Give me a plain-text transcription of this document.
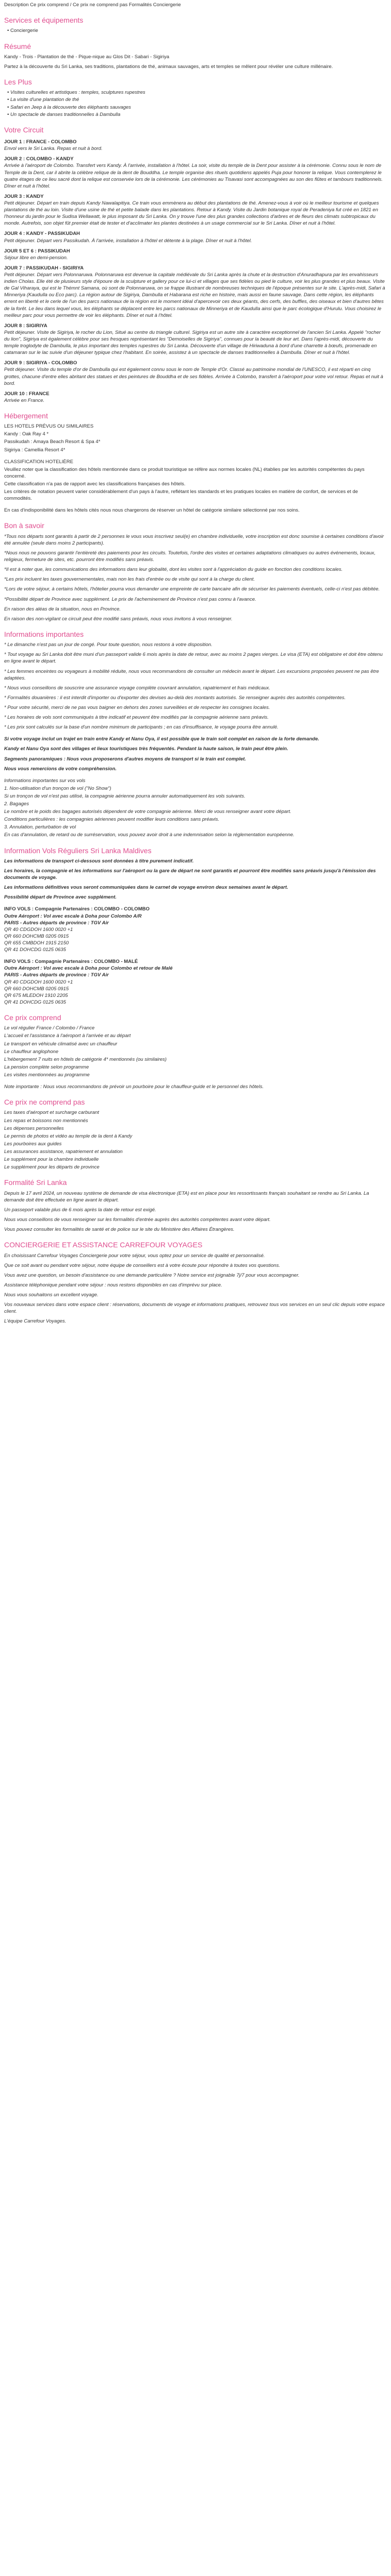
Description Ce prix comprend / Ce prix ne comprend pas Formalités Conciergerie
Services et équipements
• Conciergerie
Résumé
Kandy - Trois - Plantation de thé - Pique-nique au Glos Dit - Sabari - Sigiriya
Partez à la découverte du Sri Lanka, ses traditions, plantations de thé, animaux sauvages, arts et temples se mêlent pour révéler une culture millénaire.
Les Plus
• Visites culturelles et artistiques : temples, sculptures rupestres
• La visite d'une plantation de thé
• Safari en Jeep à la découverte des éléphants sauvages
• Un spectacle de danses traditionnelles à Dambulla
Votre Circuit
JOUR 1 : FRANCE - COLOMBO
Envol vers le Sri Lanka. Repas et nuit à bord.
JOUR 2 : COLOMBO - KANDY
Arrivée à l'aéroport de Colombo. Transfert vers Kandy. À l'arrivée, installation à l'hôtel. La soir, visite du temple de la Dent pour assister à la cérémonie. Connu sous le nom de Temple de la Dent, car il abrite la célèbre relique de la dent de Bouddha. Le temple organise des rituels quotidiens appelés Puja pour honorer la relique. Vous contemplerez le quatre étages de ce lieu sacré dont la relique est conservée lors de la cérémonie. Les cérémonies au Tisavasi sont accompagnées au son des flûtes et tambours traditionnels. Dîner et nuit à l'hôtel.
JOUR 3 : KANDY
Petit déjeuner. Départ en train depuis Kandy Nawalapitiya. Ce train vous emmènera au début des plantations de thé. Amenez-vous à voir où le meilleur tourisme et quelques plantations de thé au loin. Visite d'une usine de thé et petite balade dans les plantations. Retour à Kandy. Visite du Jardin botanique royal de Peradeniya fut créé en 1821 en l'honneur du jardin pour le Sudisa Wellawatt, le plus imposant du Sri Lanka. On y trouve l'une des plus grandes collections d'arbres et de fleurs des climats subtropicaux du monde. Autrefois, son objet fût premier était de tester et d'acclimater les plantes destinées à un usage commercial sur le Sri Lanka. Dîner et nuit à l'hôtel.
JOUR 4 : KANDY - PASSIKUDAH
Petit déjeuner. Départ vers Passikudah. À l'arrivée, installation à l'hôtel et détente à la plage. Dîner et nuit à l'hôtel.
JOUR 5 ET 6 : PASSIKUDAH
Séjour libre en demi-pension.
JOUR 7 : PASSIKUDAH - SIGIRIYA
Petit déjeuner. Départ vers Polonnaruwa. Polonnaruwa est devenue la capitale médiévale du Sri Lanka après la chute et la destruction d'Anuradhapura par les envahisseurs indien Cholas. Elle été de plusieurs style d'époure de la sculpture et gallery pour ce lui-ci et villages que ses fidèles ou pied le culture, voir les plus grandes et plus beaux. Visite de Gal Viharaya, qui est le Thémnt Samana, où sont de Polonnaruwa, on se frappe illustrant de nombreuses techniques de l'époque présentes sur le site. L'après-midi, Safari à Minneriya (Kaudulla ou Eco parc). La région autour de Sigiriya, Dambulla et Habarana est riche en histoire, mais aussi en faune sauvage. Dans cette région, les éléphants errent en liberté et le cerle de l'un des parcs nationaux de la région est le moment idéal d'apercevoir ces deux géants, des cerfs, des buffles, des oiseaux et bien d'autres bêtes de la forêt. Le lieu dans lequel vous, les éléphants se déplacent entre les parcs nationaux de Minneriya et de Kaudulla ainsi que le parc écologique d'Hurulu. Vous choisirez le meilleur parc pour vous permettre de voir les éléphants. Dîner et nuit à l'hôtel.
JOUR 8 : SIGIRIYA
Petit déjeuner. Visite de Sigiriya, le rocher du Lion, Situé au centre du triangle culturel. Sigiriya est un autre site à caractère exceptionnel de l'ancien Sri Lanka. Appelé "rocher du lion", Sigiriya est également célèbre pour ses fresques représentant les "Demoiselles de Sigiriya", connues pour la beauté de leur art. Dans l'après-midi, découverte du temple troglodyte de Dambulla, le plus important des temples rupestres du Sri Lanka. Découverte d'un village de Hiriwaduna à bord d'une charrette à bœufs, promenade en catamaran sur le lac suivie d'un déjeuner typique chez l'habitant. En soirée, assistez à un spectacle de danses traditionnelles à Dambulla. Dîner et nuit à l'hôtel.
JOUR 9 : SIGIRIYA - COLOMBO
Petit déjeuner. Visite du temple d'or de Dambulla qui est également connu sous le nom de Temple d'Or. Classé au patrimoine mondial de l'UNESCO, il est réparti en cinq grottes, chacune d'entre elles abritant des statues et des peintures de Bouddha et de ses fidèles. Arrivée à Colombo, transfert à l'aéroport pour votre vol retour. Repas et nuit à bord.
JOUR 10 : FRANCE
Arrivée en France.
Hébergement
LES HOTELS PRÉVUS OU SIMILAIRES
Kandy : Oak Ray 4 *
Passikudah : Amaya Beach Resort & Spa 4*
Sigiriya : Camellia Resort 4*
CLASSIFICATION HOTELIÈRE
Veuillez noter que la classification des hôtels mentionnée dans ce produit touristique se réfère aux normes locales (NL) établies par les autorités compétentes du pays concerné.
Cette classification n'a pas de rapport avec les classifications françaises des hôtels.
Les critères de notation peuvent varier considérablement d'un pays à l'autre, reflétant les standards et les pratiques locales en matière de confort, de services et de commodités.
En cas d'indisponibilité dans les hôtels cités nous nous chargerons de réserver un hôtel de catégorie similaire sélectionné par nos soins.
Bon à savoir
*Tous nos départs sont garantis à partir de 2 personnes le vous vous inscrivez seul(e) en chambre individuelle, votre inscription est donc soumise à certaines conditions d'avoir été annulée (seule dans moins 2 participants).
*Nous nous ne pouvons garantir l'entièreté des paiements pour les circuits. Toutefois, l'ordre des visites et certaines adaptations climatiques ou autres événements, locaux, religieux, fermeture de sites, etc. pourront être modifiés sans préavis.
*Il est à noter que, les communications des informations dans leur globalité, dont les visites sont à l'appréciation du guide en fonction des conditions locales.
*Les prix incluent les taxes gouvernementales, mais non les frais d'entrée ou de visite qui sont à la charge du client.
*Lors de votre séjour, à certains hôtels, l'hôtelier pourra vous demander une empreinte de carte bancaire afin de sécuriser les paiements éventuels, celle-ci n'est pas débitée.
*Possibilité départ de Province avec supplément. Le prix de l'acheminement de Province n'est pas connu à l'avance.
En raison des aléas de la situation, nous en Province.
En raison des non-vigilant ce circuit peut être modifié sans préavis, nous vous invitons à vous renseigner.
Informations importantes
* Le dimanche n'est pas un jour de congé. Pour toute question, nous restons à votre disposition.
* Tout voyage au Sri Lanka doit être muni d'un passeport valide 6 mois après la date de retour, avec au moins 2 pages vierges. Le visa (ETA) est obligatoire et doit être obtenu en ligne avant le départ.
* Les femmes enceintes ou voyageurs à mobilité réduite, nous vous recommandons de consulter un médecin avant le départ. Les excursions proposées peuvent ne pas être adaptées.
* Nous vous conseillons de souscrire une assurance voyage complète couvrant annulation, rapatriement et frais médicaux.
* Formalités douanières : il est interdit d'importer ou d'exporter des devises au-delà des montants autorisés. Se renseigner auprès des autorités compétentes.
* Pour votre sécurité, merci de ne pas vous baigner en dehors des zones surveillées et de respecter les consignes locales.
* Les horaires de vols sont communiqués à titre indicatif et peuvent être modifiés par la compagnie aérienne sans préavis.
* Les prix sont calculés sur la base d'un nombre minimum de participants ; en cas d'insuffisance, le voyage pourra être annulé.
Si votre voyage inclut un trajet en train entre Kandy et Nanu Oya, il est possible que le train soit complet en raison de la forte demande.
Kandy et Nanu Oya sont des villages et lieux touristiques très fréquentés. Pendant la haute saison, le train peut être plein.
Segments panoramiques : Nous vous proposerons d'autres moyens de transport si le train est complet.
Nous vous remercions de votre compréhension.
Informations importantes sur vos vols
1. Non-utilisation d'un tronçon de vol ("No Show")
Si un tronçon de vol n'est pas utilisé, la compagnie aérienne pourra annuler automatiquement les vols suivants.
2. Bagages
Le nombre et le poids des bagages autorisés dépendent de votre compagnie aérienne. Merci de vous renseigner avant votre départ.
Conditions particulières : les compagnies aériennes peuvent modifier leurs conditions sans préavis.
3. Annulation, perturbation de vol
En cas d'annulation, de retard ou de surréservation, vous pouvez avoir droit à une indemnisation selon la réglementation européenne.
Information Vols Réguliers Sri Lanka Maldives
Les informations de transport ci-dessous sont données à titre purement indicatif.
Les horaires, la compagnie et les informations sur l'aéroport ou la gare de départ ne sont garantis et pourront être modifiés sans préavis jusqu'à l'émission des documents de voyage.
Les informations définitives vous seront communiquées dans le carnet de voyage environ deux semaines avant le départ.
Possibilité départ de Province avec supplément.
INFO VOLS : Compagnie Partenaires : COLOMBO - COLOMBO
Outre Aéroport : Vol avec escale à Doha pour Colombo A/R
PARIS - Autres départs de province : TGV Air
QR 40 CDGDOH 1600 0020 +1
QR 660 DOHCMB 0205 0915
QR 655 CMBDOH 1915 2150
QR 41 DOHCDG 0125 0635
INFO VOLS : Compagnie Partenaires : COLOMBO - MALÉ
Outre Aéroport : Vol avec escale à Doha pour Colombo et retour de Malé
PARIS - Autres départs de province : TGV Air
QR 40 CDGDOH 1600 0020 +1
QR 660 DOHCMB 0205 0915
QR 675 MLEDOH 1910 2205
QR 41 DOHCDG 0125 0635
Ce prix comprend
Le vol régulier France / Colombo / France
L'accueil et l'assistance à l'aéroport à l'arrivée et au départ
Le transport en véhicule climatisé avec un chauffeur
Le chauffeur anglophone
L'hébergement 7 nuits en hôtels de catégorie 4* mentionnés (ou similaires)
La pension complète selon programme
Les visites mentionnées au programme
Note importante : Nous vous recommandons de prévoir un pourboire pour le chauffeur-guide et le personnel des hôtels.
Ce prix ne comprend pas
Les taxes d'aéroport et surcharge carburant
Les repas et boissons non mentionnés
Les dépenses personnelles
Le permis de photos et vidéo au temple de la dent à Kandy
Les pourboires aux guides
Les assurances assistance, rapatriement et annulation
Le supplément pour la chambre individuelle
Le supplément pour les départs de province
Formalité Sri Lanka
Depuis le 17 avril 2024, un nouveau système de demande de visa électronique (ETA) est en place pour les ressortissants français souhaitant se rendre au Sri Lanka. La demande doit être effectuée en ligne avant le départ.
Un passeport valable plus de 6 mois après la date de retour est exigé.
Nous vous conseillons de vous renseigner sur les formalités d'entrée auprès des autorités compétentes avant votre départ.
Vous pouvez consulter les formalités de santé et de police sur le site du Ministère des Affaires Étrangères.
CONCIERGERIE ET ASSISTANCE CARREFOUR VOYAGES
En choisissant Carrefour Voyages Conciergerie pour votre séjour, vous optez pour un service de qualité et personnalisé.
Que ce soit avant ou pendant votre séjour, notre équipe de conseillers est à votre écoute pour répondre à toutes vos questions.
Vous avez une question, un besoin d'assistance ou une demande particulière ? Notre service est joignable 7j/7 pour vous accompagner.
Assistance téléphonique pendant votre séjour : nous restons disponibles en cas d'imprévu sur place.
Nous vous souhaitons un excellent voyage.
Vos nouveaux services dans votre espace client : réservations, documents de voyage et informations pratiques, retrouvez tous vos services en un seul clic depuis votre espace client.
L'équipe Carrefour Voyages.
